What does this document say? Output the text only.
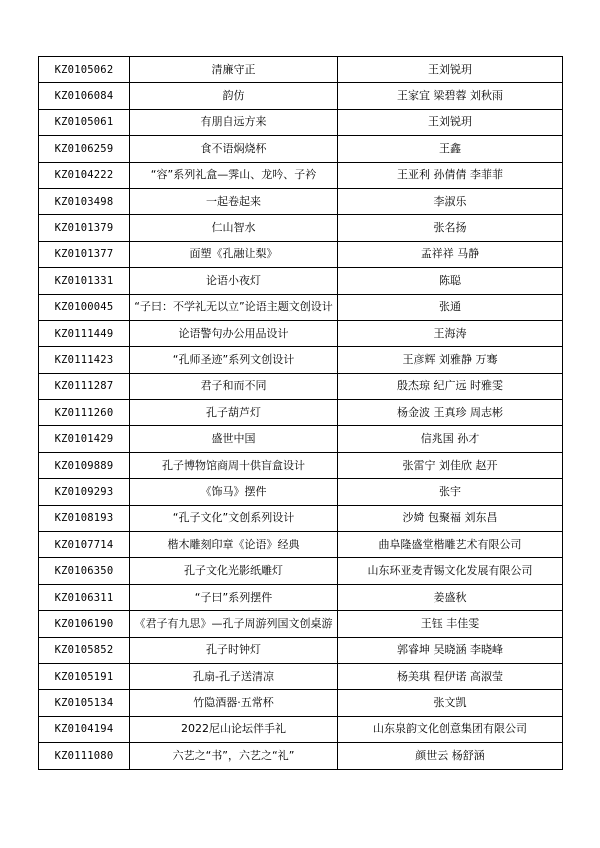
KZ0105062	清廉守正	王刘锐玥
KZ0106084	韵仿	王家宜 梁碧蓉 刘秋雨
KZ0105061	有朋自远方来	王刘锐玥
KZ0106259	食不语焖烧杯	王鑫
KZ0104222	“容”系列礼盒—霁山、龙吟、子衿	王亚利 孙倩倩 李菲菲
KZ0103498	一起卷起来	李淑乐
KZ0101379	仁山智水	张名扬
KZ0101377	面塑《孔融让梨》	孟祥祥 马静
KZ0101331	论语小夜灯	陈聪
KZ0100045	“子曰：不学礼无以立”论语主题文创设计	张通
KZ0111449	论语警句办公用品设计	王海涛
KZ0111423	“孔师圣迹”系列文创设计	王彦辉 刘雅静 万骞
KZ0111287	君子和而不同	殷杰琼 纪广远 时雅雯
KZ0111260	孔子葫芦灯	杨金波 王真珍 周志彬
KZ0101429	盛世中国	信兆国 孙才
KZ0109889	孔子博物馆商周十供盲盒设计	张雷宁 刘佳欣 赵开
KZ0109293	《饰马》摆件	张宇
KZ0108193	“孔子文化”文创系列设计	沙婍 包聚福 刘东昌
KZ0107714	楷木雕刻印章《论语》经典	曲阜隆盛堂楷雕艺术有限公司
KZ0106350	孔子文化光影纸雕灯	山东环亚麦青锡文化发展有限公司
KZ0106311	“子曰”系列摆件	姜盛秋
KZ0106190	《君子有九思》—孔子周游列国文创桌游	王钰 丰佳雯
KZ0105852	孔子时钟灯	郭睿坤 吴晓涵 李晓峰
KZ0105191	孔扇-孔子送清凉	杨美琪 程伊诺 高淑莹
KZ0105134	竹隐酒器·五常杯	张文凯
KZ0104194	2022尼山论坛伴手礼	山东泉韵文化创意集团有限公司
KZ0111080	六艺之“书”，六艺之“礼”	颜世云 杨舒涵
